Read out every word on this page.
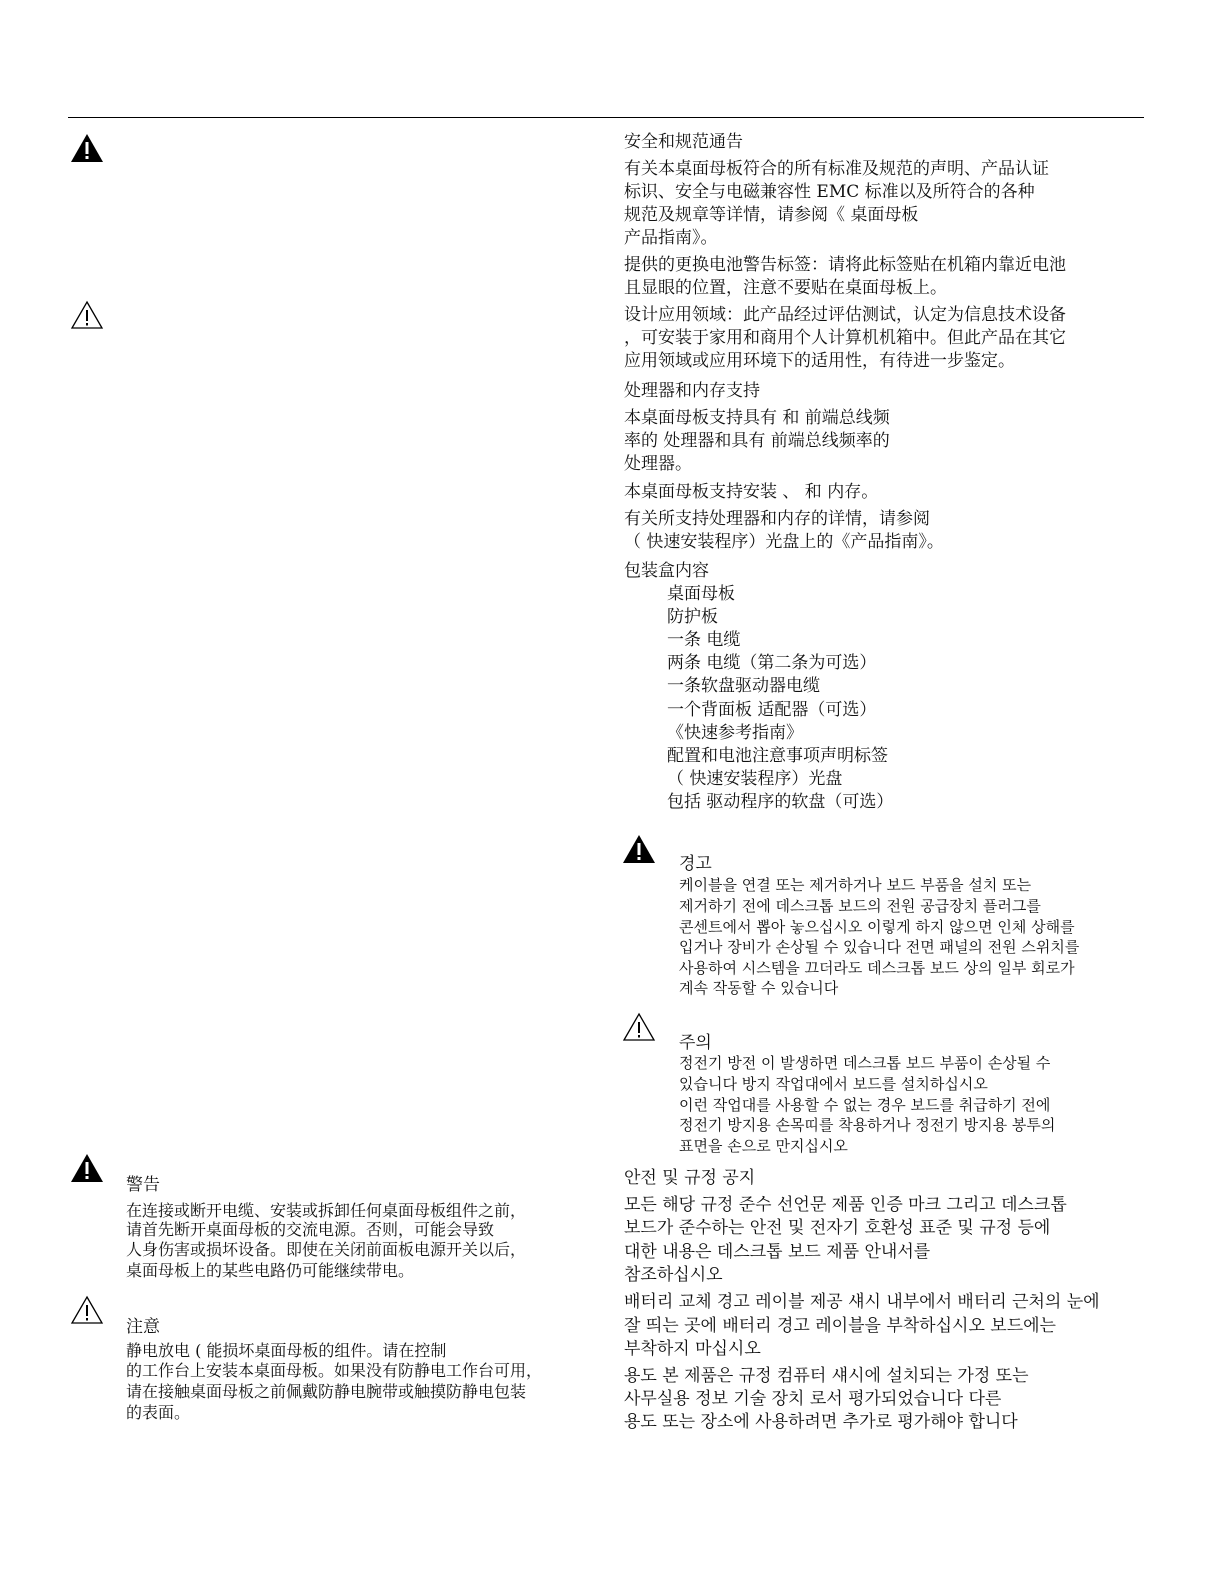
警告

在连接或断开电缆、安装或拆卸任何桌面母板组件之前，

请首先断开桌面母板的交流电源。否则，可能会导致

人身伤害或损坏设备。即使在关闭前面板电源开关以后，

桌面母板上的某些电路仍可能继续带电。

注意

静电放电 ( 能损坏桌面母板的组件。请在控制

的工作台上安装本桌面母板。如果没有防静电工作台可用，

请在接触桌面母板之前佩戴防静电腕带或触摸防静电包装

的表面。

安全和规范通告

有关本桌面母板符合的所有标准及规范的声明、产品认证

标识、安全与电磁兼容性 EMC 标准以及所符合的各种

规范及规章等详情，请参阅《 桌面母板

产品指南》。

提供的更换电池警告标签：请将此标签贴在机箱内靠近电池

且显眼的位置，注意不要贴在桌面母板上。

设计应用领域：此产品经过评估测试，认定为信息技术设备

，可安装于家用和商用个人计算机机箱中。但此产品在其它

应用领域或应用环境下的适用性，有待进一步鉴定。

处理器和内存支持

本桌面母板支持具有 和 前端总线频

率的 处理器和具有 前端总线频率的

处理器。

本桌面母板支持安装 、 和 内存。

有关所支持处理器和内存的详情，请参阅

（ 快速安装程序）光盘上的《产品指南》。

包装盒内容

桌面母板

防护板

一条 电缆

两条 电缆（第二条为可选）

一条软盘驱动器电缆

一个背面板 适配器（可选）

《快速参考指南》

配置和电池注意事项声明标签

（ 快速安装程序）光盘

包括 驱动程序的软盘（可选）

경고

케이블을 연결 또는 제거하거나 보드 부품을 설치 또는

제거하기 전에 데스크톱 보드의 전원 공급장치 플러그를

콘센트에서 뽑아 놓으십시오 이렇게 하지 않으면 인체 상해를

입거나 장비가 손상될 수 있습니다 전면 패널의 전원 스위치를

사용하여 시스템을 끄더라도 데스크톱 보드 상의 일부 회로가

계속 작동할 수 있습니다

주의

정전기 방전 이 발생하면 데스크톱 보드 부품이 손상될 수

있습니다 방지 작업대에서 보드를 설치하십시오

이런 작업대를 사용할 수 없는 경우 보드를 취급하기 전에

정전기 방지용 손목띠를 착용하거나 정전기 방지용 봉투의

표면을 손으로 만지십시오

안전 및 규정 공지

모든 해당 규정 준수 선언문 제품 인증 마크 그리고 데스크톱

보드가 준수하는 안전 및 전자기 호환성 표준 및 규정 등에

대한 내용은 데스크톱 보드 제품 안내서를

참조하십시오

배터리 교체 경고 레이블 제공 섀시 내부에서 배터리 근처의 눈에

잘 띄는 곳에 배터리 경고 레이블을 부착하십시오 보드에는

부착하지 마십시오

용도 본 제품은 규정 컴퓨터 섀시에 설치되는 가정 또는

사무실용 정보 기술 장치 로서 평가되었습니다 다른

용도 또는 장소에 사용하려면 추가로 평가해야 합니다
